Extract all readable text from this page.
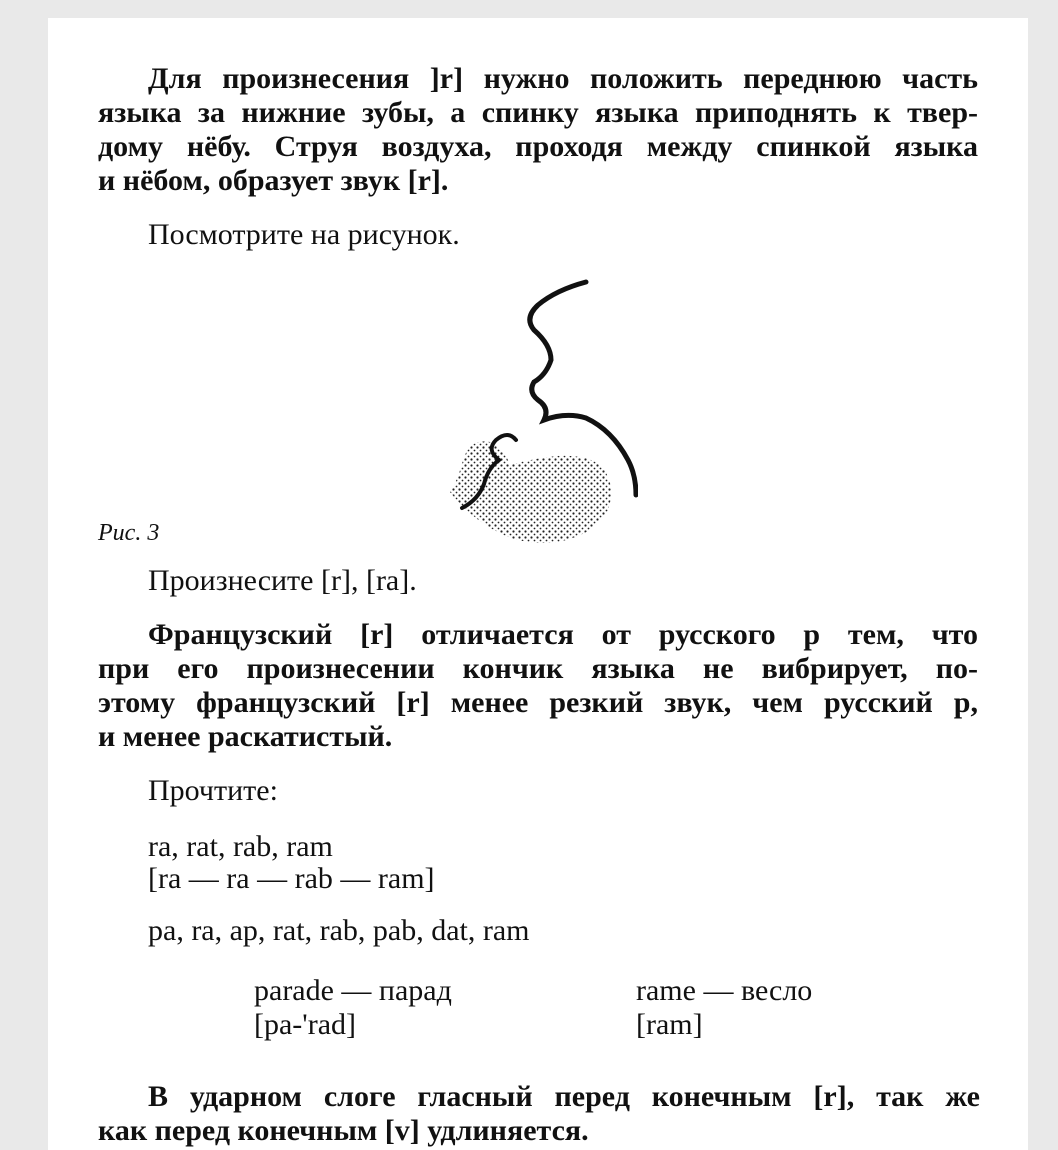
Для произнесения ]r] нужно положить переднюю часть
языка за нижние зубы, а спинку языка приподнять к твер-
дому нёбу. Струя воздуха, проходя между спинкой языка
и нёбом, образует звук [r].
Посмотрите на рисунок.
Рис. 3
Произнесите [r], [ra].
Французский [r] отличается от русского р тем, что
при его произнесении кончик языка не вибрирует, по-
этому французский [r] менее резкий звук, чем русский р,
и менее раскатистый.
Прочтите:
ra, rat, rab, ram
[ra — ra — rab — ram]
pa, ra, ap, rat, rab, pab, dat, ram
parade — парад
[pa-'rad]
rame — весло
[ram]
В ударном слоге гласный перед конечным [r], так же
как перед конечным [v] удлиняется.
